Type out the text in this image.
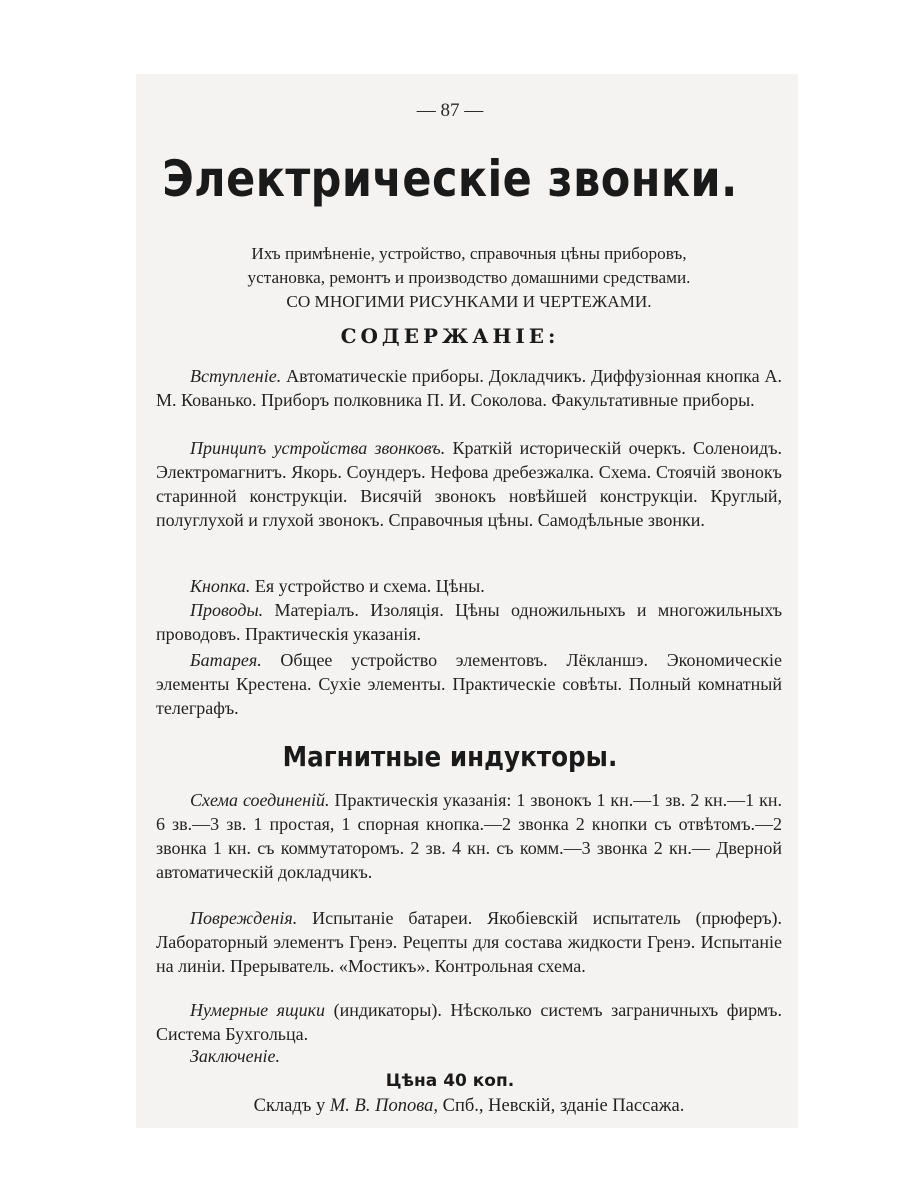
— 87 —
Электрическіе звонки.
Ихъ примѣненіе, устройство, справочныя цѣны приборовъ,
установка, ремонтъ и производство домашними средствами.
СО МНОГИМИ РИСУНКАМИ И ЧЕРТЕЖАМИ.
СОДЕРЖАНІЕ:
Вступленіе. Автоматическіе приборы. Докладчикъ. Диффузіонная кнопка А. М. Кованько. Приборъ полковника П. И. Соколова. Факультативные приборы.
Принципъ устройства звонковъ. Краткій историческій очеркъ. Соленоидъ. Электромагнитъ. Якорь. Соундеръ. Нефова дребезжалка. Схема. Стоячій звонокъ старинной конструкціи. Висячій звонокъ новѣйшей конструкціи. Круглый, полуглухой и глухой звонокъ. Справочныя цѣны. Самодѣльные звонки.
Кнопка. Ея устройство и схема. Цѣны.
Проводы. Матеріалъ. Изоляція. Цѣны одножильныхъ и многожильныхъ проводовъ. Практическія указанія.
Батарея. Общее устройство элементовъ. Лёкланшэ. Экономическіе элементы Крестена. Сухіе элементы. Практическіе совѣты. Полный комнатный телеграфъ.
Магнитные индукторы.
Схема соединеній. Практическія указанія: 1 звонокъ 1 кн.—1 зв. 2 кн.—1 кн. 6 зв.—3 зв. 1 простая, 1 спорная кнопка.—2 звонка 2 кнопки съ отвѣтомъ.—2 звонка 1 кн. съ коммутаторомъ. 2 зв. 4 кн. съ комм.—3 звонка 2 кн.— Дверной автоматическій докладчикъ.
Поврежденія. Испытаніе батареи. Якобіевскій испытатель (прюферъ). Лабораторный элементъ Гренэ. Рецепты для состава жидкости Гренэ. Испытаніе на линіи. Прерыватель. «Мостикъ». Контрольная схема.
Нумерные ящики (индикаторы). Нѣсколько системъ заграничныхъ фирмъ. Система Бухгольца.
Заключеніе.
Цѣна 40 коп.
Складъ у М. В. Попова, Спб., Невскій, зданіе Пассажа.
